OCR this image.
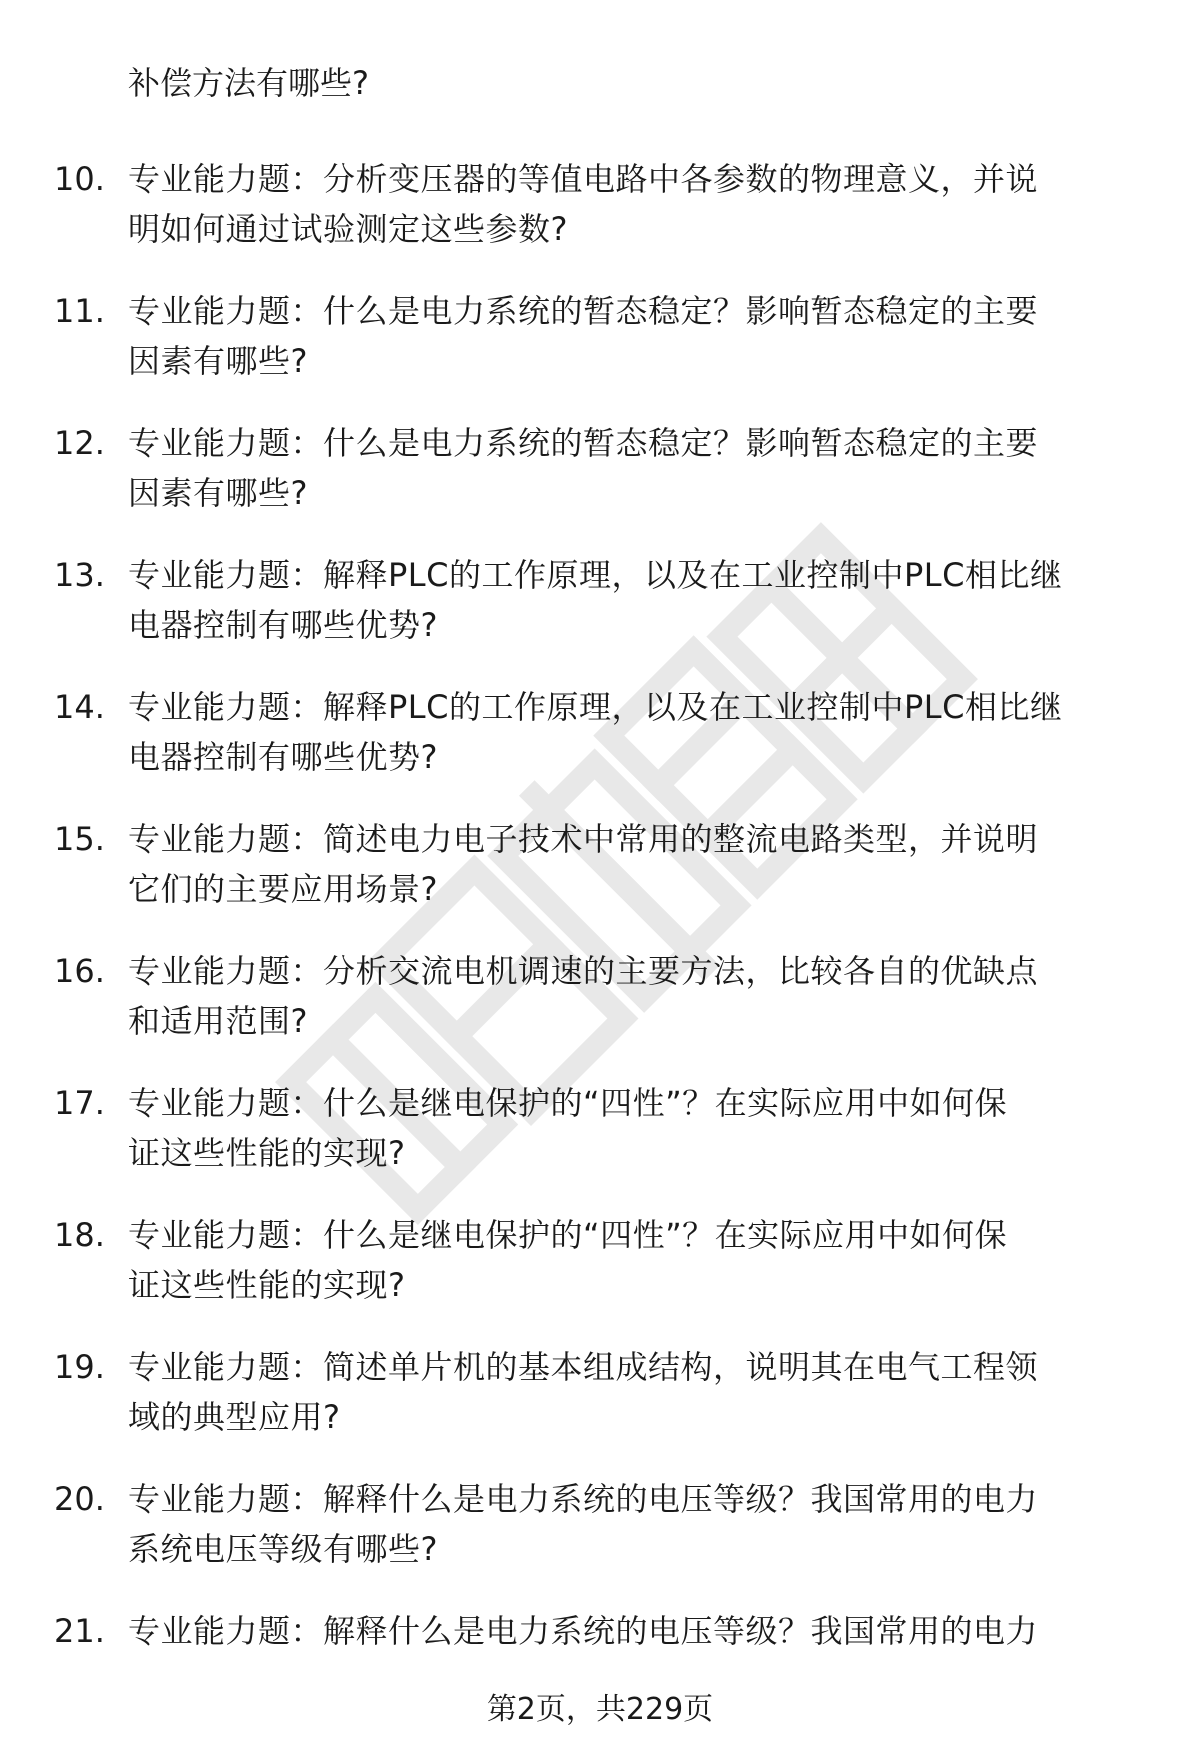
补偿方法有哪些?
10. 专业能力题：分析变压器的等值电路中各参数的物理意义，并说
明如何通过试验测定这些参数?
11. 专业能力题：什么是电力系统的暂态稳定？影响暂态稳定的主要
因素有哪些?
12. 专业能力题：什么是电力系统的暂态稳定？影响暂态稳定的主要
因素有哪些?
13. 专业能力题：解释PLC的工作原理，以及在工业控制中PLC相比继
电器控制有哪些优势?
14. 专业能力题：解释PLC的工作原理，以及在工业控制中PLC相比继
电器控制有哪些优势?
15. 专业能力题：简述电力电子技术中常用的整流电路类型，并说明
它们的主要应用场景?
16. 专业能力题：分析交流电机调速的主要方法，比较各自的优缺点
和适用范围?
17. 专业能力题：什么是继电保护的“四性”？在实际应用中如何保
证这些性能的实现?
18. 专业能力题：什么是继电保护的“四性”？在实际应用中如何保
证这些性能的实现?
19. 专业能力题：简述单片机的基本组成结构，说明其在电气工程领
域的典型应用?
20. 专业能力题：解释什么是电力系统的电压等级？我国常用的电力
系统电压等级有哪些?
21. 专业能力题：解释什么是电力系统的电压等级？我国常用的电力
第2页，共229页
